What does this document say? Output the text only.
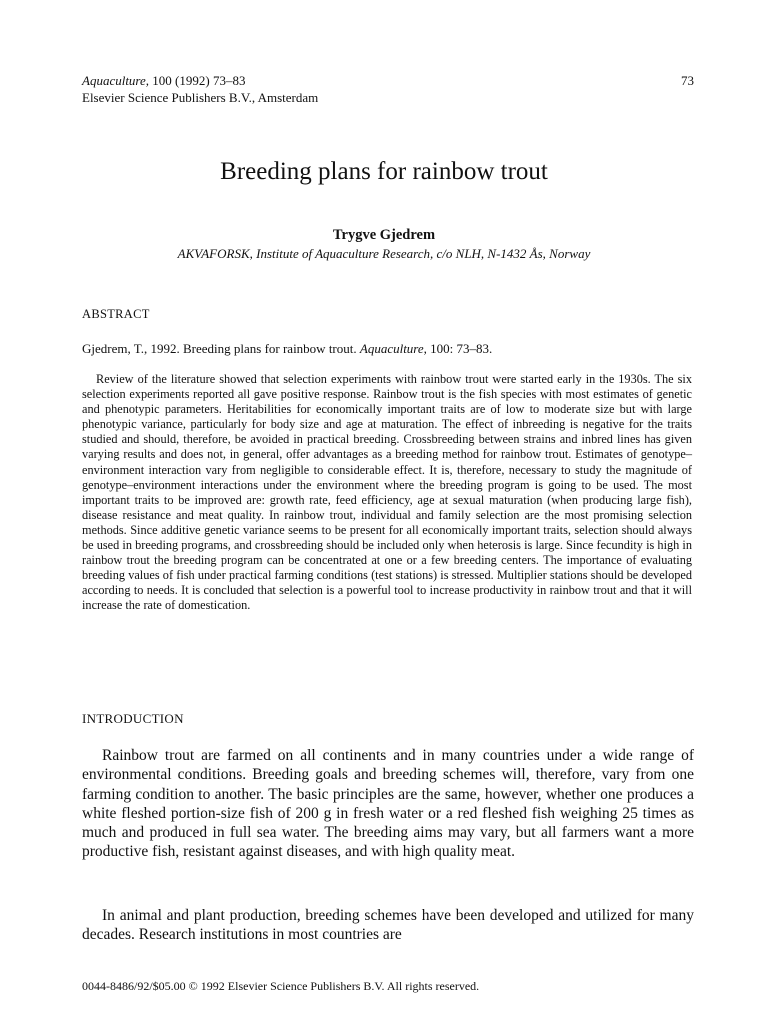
Aquaculture, 100 (1992) 73–83
Elsevier Science Publishers B.V., Amsterdam
73
Breeding plans for rainbow trout
Trygve Gjedrem
AKVAFORSK, Institute of Aquaculture Research, c/o NLH, N-1432 Ås, Norway
ABSTRACT
Gjedrem, T., 1992. Breeding plans for rainbow trout. Aquaculture, 100: 73–83.

Review of the literature showed that selection experiments with rainbow trout were started early in the 1930s. The six selection experiments reported all gave positive response. Rainbow trout is the fish species with most estimates of genetic and phenotypic parameters. Heritabilities for economically important traits are of low to moderate size but with large phenotypic variance, particularly for body size and age at maturation. The effect of inbreeding is negative for the traits studied and should, therefore, be avoided in practical breeding. Crossbreeding between strains and inbred lines has given varying results and does not, in general, offer advantages as a breeding method for rainbow trout. Estimates of genotype–environment interaction vary from negligible to considerable effect. It is, therefore, necessary to study the magnitude of genotype–environment interactions under the environment where the breeding program is going to be used. The most important traits to be improved are: growth rate, feed efficiency, age at sexual maturation (when producing large fish), disease resistance and meat quality. In rainbow trout, individual and family selection are the most promising selection methods. Since additive genetic variance seems to be present for all economically important traits, selection should always be used in breeding programs, and crossbreeding should be included only when heterosis is large. Since fecundity is high in rainbow trout the breeding program can be concentrated at one or a few breeding centers. The importance of evaluating breeding values of fish under practical farming conditions (test stations) is stressed. Multiplier stations should be developed according to needs. It is concluded that selection is a powerful tool to increase productivity in rainbow trout and that it will increase the rate of domestication.

INTRODUCTION

Rainbow trout are farmed on all continents and in many countries under a wide range of environmental conditions. Breeding goals and breeding schemes will, therefore, vary from one farming condition to another. The basic principles are the same, however, whether one produces a white fleshed portion-size fish of 200 g in fresh water or a red fleshed fish weighing 25 times as much and produced in full sea water. The breeding aims may vary, but all farmers want a more productive fish, resistant against diseases, and with high quality meat.

In animal and plant production, breeding schemes have been developed and utilized for many decades. Research institutions in most countries are

0044-8486/92/$05.00 © 1992 Elsevier Science Publishers B.V. All rights reserved.
